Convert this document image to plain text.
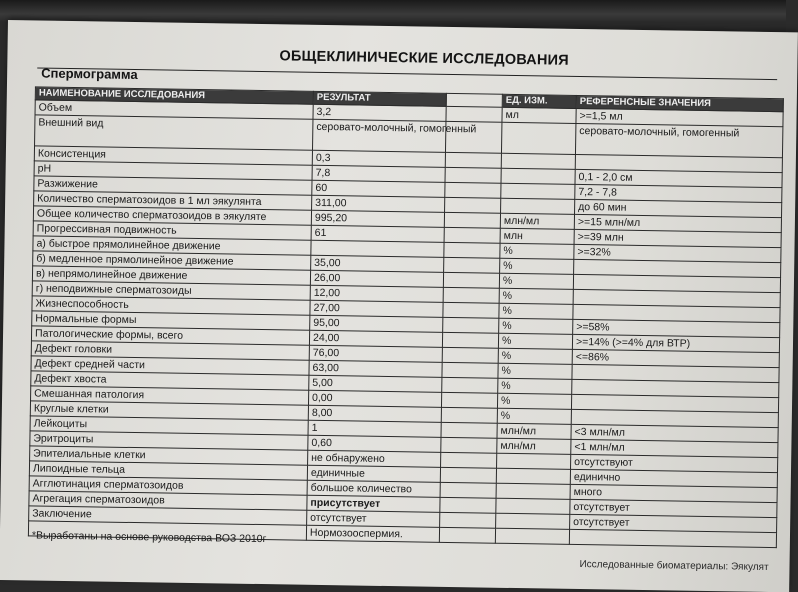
ОБЩЕКЛИНИЧЕСКИЕ ИССЛЕДОВАНИЯ
Спермограмма
НАИМЕНОВАНИЕ ИССЛЕДОВАНИЯ	РЕЗУЛЬТАТ		ЕД. ИЗМ.	РЕФЕРЕНСНЫЕ ЗНАЧЕНИЯ
Объем	3,2		мл	>=1,5 мл
Внешний вид	серовато-молочный, гомогенный			серовато-молочный, гомогенный
Консистенция	0,3			
pH	7,8			0,1 - 2,0 см
Разжижение	60			7,2 - 7,8
Количество сперматозоидов в 1 мл эякулянта	311,00			до 60 мин
Общее количество сперматозоидов в эякуляте	995,20		млн/мл	>=15 млн/мл
Прогрессивная подвижность	61		млн	>=39 млн
а) быстрое прямолинейное движение			%	>=32%
б) медленное прямолинейное движение	35,00		%	
в) непрямолинейное движение	26,00		%	
г) неподвижные сперматозоиды	12,00		%	
Жизнеспособность	27,00		%	
Нормальные формы	95,00		%	>=58%
Патологические формы, всего	24,00		%	>=14% (>=4% для ВТР)
Дефект головки	76,00		%	<=86%
Дефект средней части	63,00		%	
Дефект хвоста	5,00		%	
Смешанная патология	0,00		%	
Круглые клетки	8,00		%	
Лейкоциты	1		млн/мл	<3 млн/мл
Эритроциты	0,60		млн/мл	<1 млн/мл
Эпителиальные клетки	не обнаружено			отсутствуют
Липоидные тельца	единичные			единично
Агглютинация сперматозоидов	большое количество			много
Агрегация сперматозоидов	присутствует			отсутствует
Заключение	отсутствует			отсутствует
	Нормозооспермия.			
*Выработаны на основе руководства ВОЗ 2010г
Исследованные биоматериалы: Эякулят
